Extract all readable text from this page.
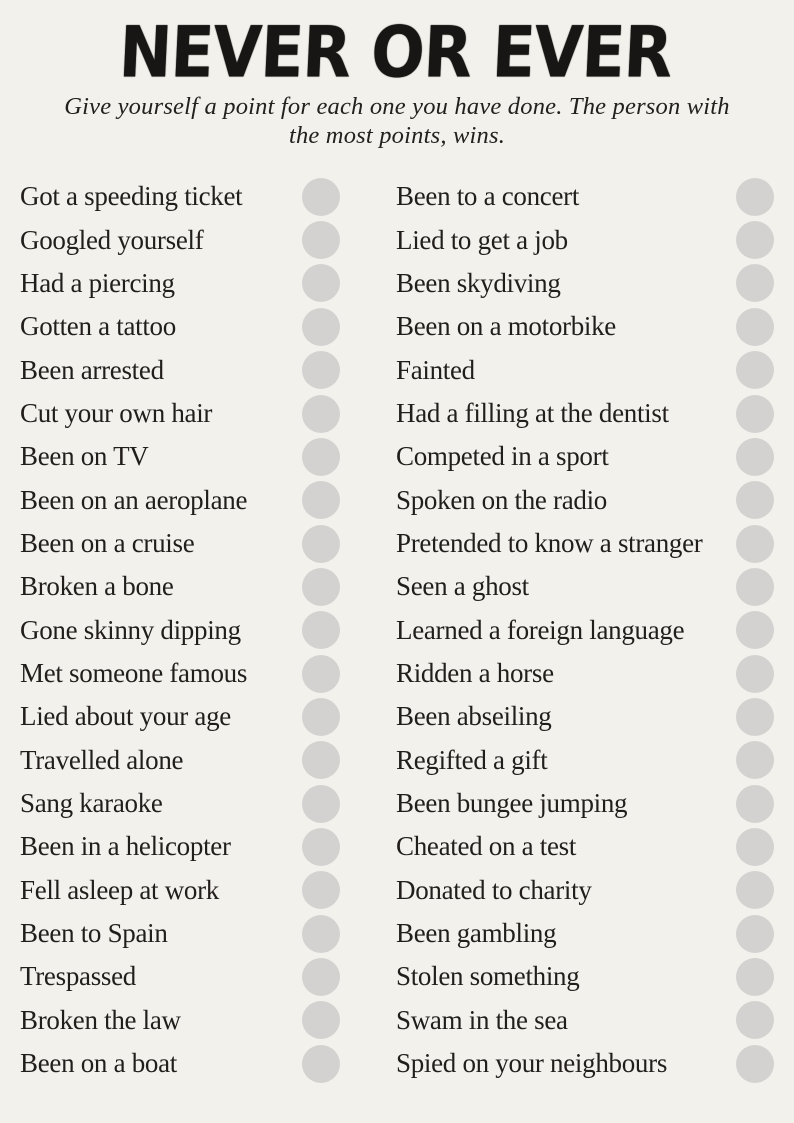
NEVER OR EVER
Give yourself a point for each one you have done. The person with
the most points, wins.
Got a speeding ticket
Googled yourself
Had a piercing
Gotten a tattoo
Been arrested
Cut your own hair
Been on TV
Been on an aeroplane
Been on a cruise
Broken a bone
Gone skinny dipping
Met someone famous
Lied about your age
Travelled alone
Sang karaoke
Been in a helicopter
Fell asleep at work
Been to Spain
Trespassed
Broken the law
Been on a boat
Been to a concert
Lied to get a job
Been skydiving
Been on a motorbike
Fainted
Had a filling at the dentist
Competed in a sport
Spoken on the radio
Pretended to know a stranger
Seen a ghost
Learned a foreign language
Ridden a horse
Been abseiling
Regifted a gift
Been bungee jumping
Cheated on a test
Donated to charity
Been gambling
Stolen something
Swam in the sea
Spied on your neighbours
